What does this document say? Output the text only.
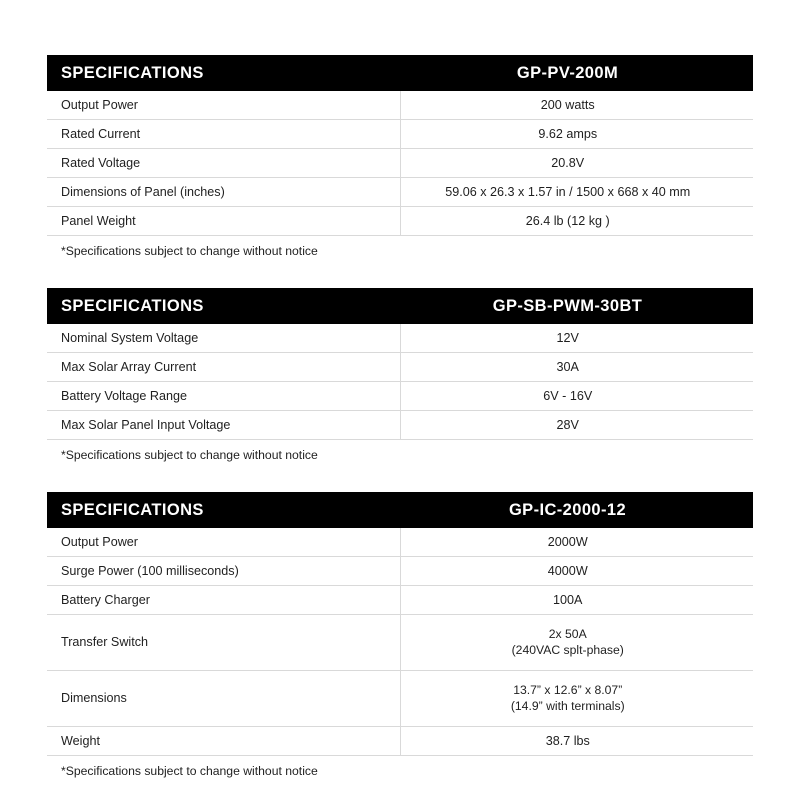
SPECIFICATIONS	GP-PV-200M
Output Power	200 watts
Rated Current	9.62 amps
Rated Voltage	20.8V
Dimensions of Panel (inches)	59.06 x 26.3 x 1.57 in / 1500 x 668 x 40 mm
Panel Weight	26.4 lb (12 kg )
*Specifications subject to change without notice
SPECIFICATIONS	GP-SB-PWM-30BT
Nominal System Voltage	12V
Max Solar Array Current	30A
Battery Voltage Range	6V - 16V
Max Solar Panel Input Voltage	28V
*Specifications subject to change without notice
SPECIFICATIONS	GP-IC-2000-12
Output Power	2000W
Surge Power (100 milliseconds)	4000W
Battery Charger	100A
Transfer Switch	2x 50A
(240VAC splt-phase)

Dimensions	13.7” x 12.6” x 8.07”
(14.9” with terminals)

Weight	38.7 lbs
*Specifications subject to change without notice
